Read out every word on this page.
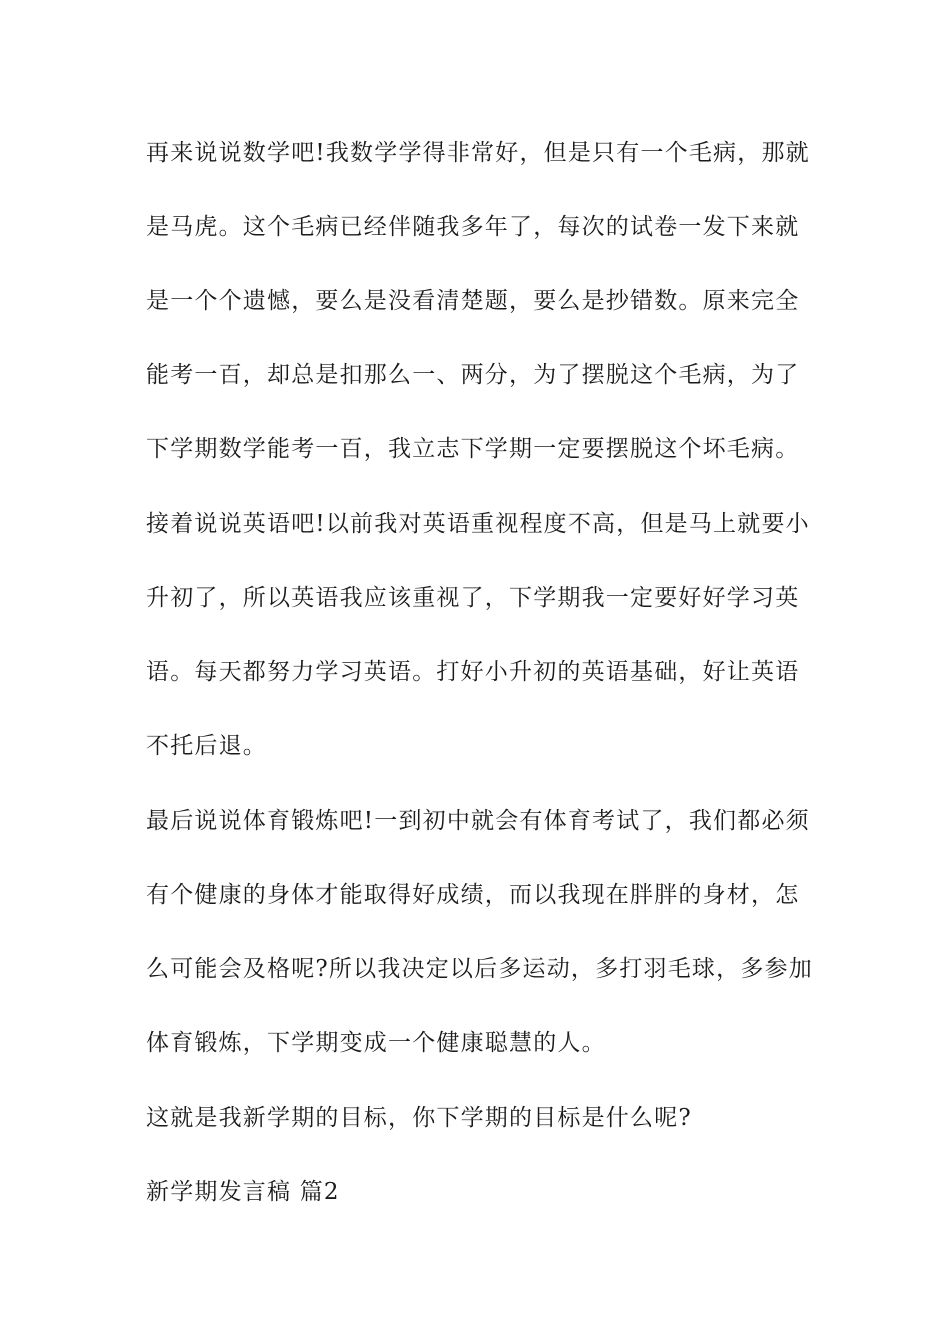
再来说说数学吧!我数学学得非常好，但是只有一个毛病，那就

是马虎。这个毛病已经伴随我多年了，每次的试卷一发下来就

是一个个遗憾，要么是没看清楚题，要么是抄错数。原来完全

能考一百，却总是扣那么一、两分，为了摆脱这个毛病，为了

下学期数学能考一百，我立志下学期一定要摆脱这个坏毛病。

接着说说英语吧!以前我对英语重视程度不高，但是马上就要小

升初了，所以英语我应该重视了，下学期我一定要好好学习英

语。每天都努力学习英语。打好小升初的英语基础，好让英语

不托后退。

最后说说体育锻炼吧!一到初中就会有体育考试了，我们都必须

有个健康的身体才能取得好成绩，而以我现在胖胖的身材，怎

么可能会及格呢?所以我决定以后多运动，多打羽毛球，多参加

体育锻炼，下学期变成一个健康聪慧的人。

这就是我新学期的目标，你下学期的目标是什么呢?

新学期发言稿 篇2
